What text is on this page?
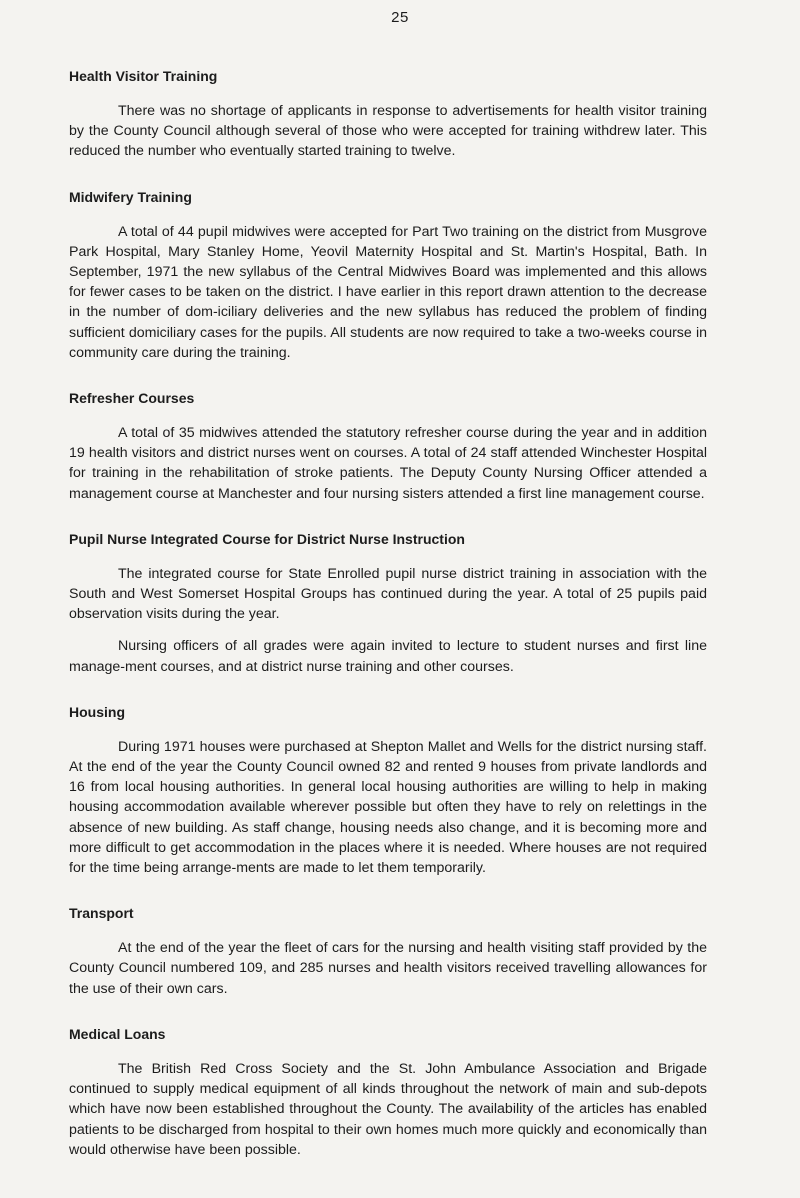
25
Health Visitor Training

There was no shortage of applicants in response to advertisements for health visitor training by the County Council although several of those who were accepted for training withdrew later. This reduced the number who eventually started training to twelve.

Midwifery Training

A total of 44 pupil midwives were accepted for Part Two training on the district from Musgrove Park Hospital, Mary Stanley Home, Yeovil Maternity Hospital and St. Martin's Hospital, Bath. In September, 1971 the new syllabus of the Central Midwives Board was implemented and this allows for fewer cases to be taken on the district. I have earlier in this report drawn attention to the decrease in the number of dom-iciliary deliveries and the new syllabus has reduced the problem of finding sufficient domiciliary cases for the pupils. All students are now required to take a two-weeks course in community care during the training.

Refresher Courses

A total of 35 midwives attended the statutory refresher course during the year and in addition 19 health visitors and district nurses went on courses. A total of 24 staff attended Winchester Hospital for training in the rehabilitation of stroke patients. The Deputy County Nursing Officer attended a management course at Manchester and four nursing sisters attended a first line management course.

Pupil Nurse Integrated Course for District Nurse Instruction

The integrated course for State Enrolled pupil nurse district training in association with the South and West Somerset Hospital Groups has continued during the year. A total of 25 pupils paid observation visits during the year.

Nursing officers of all grades were again invited to lecture to student nurses and first line manage-ment courses, and at district nurse training and other courses.

Housing

During 1971 houses were purchased at Shepton Mallet and Wells for the district nursing staff. At the end of the year the County Council owned 82 and rented 9 houses from private landlords and 16 from local housing authorities. In general local housing authorities are willing to help in making housing accommodation available wherever possible but often they have to rely on relettings in the absence of new building. As staff change, housing needs also change, and it is becoming more and more difficult to get accommodation in the places where it is needed. Where houses are not required for the time being arrange-ments are made to let them temporarily.

Transport

At the end of the year the fleet of cars for the nursing and health visiting staff provided by the County Council numbered 109, and 285 nurses and health visitors received travelling allowances for the use of their own cars.

Medical Loans

The British Red Cross Society and the St. John Ambulance Association and Brigade continued to supply medical equipment of all kinds throughout the network of main and sub-depots which have now been established throughout the County. The availability of the articles has enabled patients to be discharged from hospital to their own homes much more quickly and economically than would otherwise have been possible.
